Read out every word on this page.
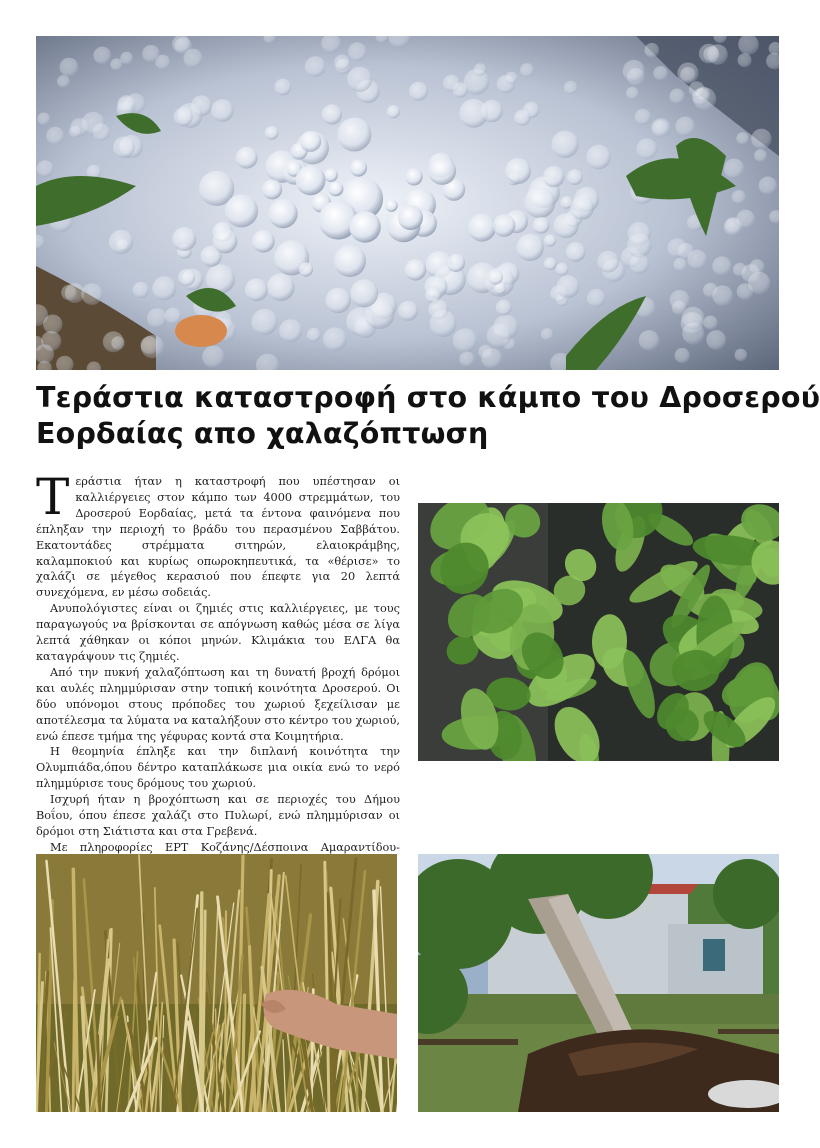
Τεράστια καταστροφή στο κάμπο του Δροσερού
Εορδαίας απο χαλαζόπτωση

Τεράστια ήταν η καταστροφή που υπέστησαν οι καλλιέργειες στον κάμπο των 4000 στρεμμάτων, του Δροσερού Εορδαίας, μετά τα έντονα φαινόμενα που έπληξαν την περιοχή το βράδυ του περασμένου Σαββάτου. Εκατοντάδες στρέμματα σιτηρών, ελαιοκράμβης, καλαμποκιού και κυρίως οπωροκηπευτικά, τα «θέρισε» το χαλάζι σε μέγεθος κερασιού που έπεφτε για 20 λεπτά συνεχόμενα, εν μέσω σοδειάς.

Ανυπολόγιστες είναι οι ζημιές στις καλλιέργειες, με τους παραγωγούς να βρίσκονται σε απόγνωση καθώς μέσα σε λίγα λεπτά χάθηκαν οι κόποι μηνών. Κλιμάκια του ΕΛΓΑ θα καταγράψουν τις ζημιές.

Από την πυκνή χαλαζόπτωση και τη δυνατή βροχή δρόμοι και αυλές πλημμύρισαν στην τοπική κοινότητα Δροσερού. Οι δύο υπόνομοι στους πρόποδες του χωριού ξεχείλισαν με αποτέλεσμα τα λύματα να καταλήξουν στο κέντρο του χωριού, ενώ έπεσε τμήμα της γέφυρας κοντά στα Κοιμητήρια.

Η θεομηνία έπληξε και την διπλανή κοινότητα την Ολυμπιάδα,όπου δέντρο καταπλάκωσε μια οικία ενώ το νερό πλημμύρισε τους δρόμους του χωριού.

Ισχυρή ήταν η βροχόπτωση και σε περιοχές του Δήμου Βοΐου, όπου έπεσε χαλάζι στο Πυλωρί, ενώ πλημμύρισαν οι δρόμοι στη Σιάτιστα και στα Γρεβενά.

Με πληροφορίες ΕΡΤ Κοζάνης/Δέσποινα Αμαραντίδου-
